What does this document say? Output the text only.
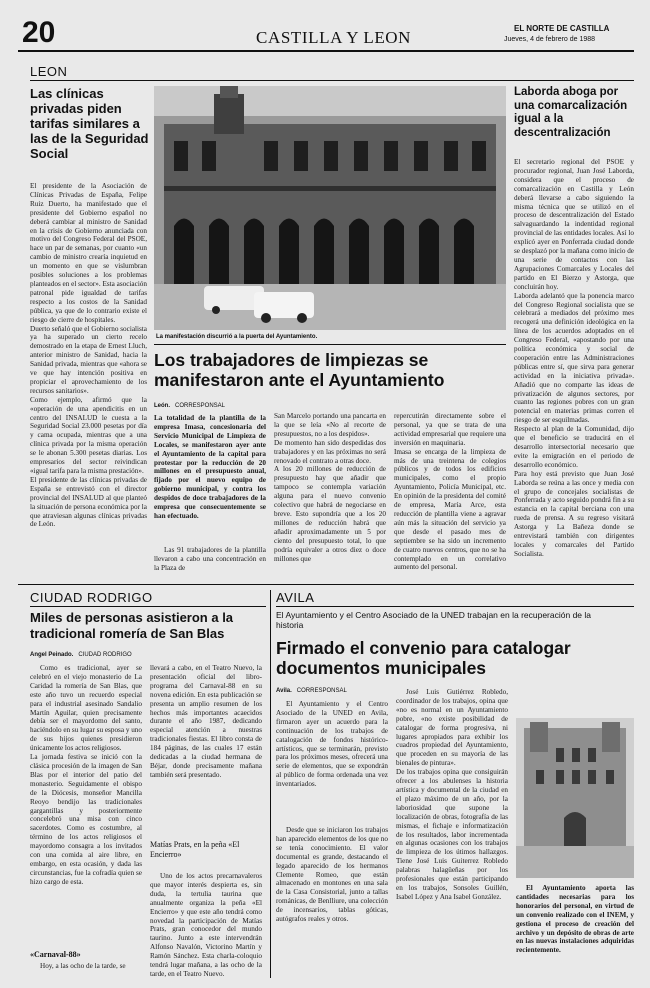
20	CASTILLA Y LEON	EL NORTE DE CASTILLA
Jueves, 4 de febrero de 1988
LEON
Las clínicas privadas piden tarifas similares a las de la Seguridad Social
El presidente de la Asociación de Clínicas Privadas de España, Felipe Ruiz Duerto, ha manifestado que el presidente del Gobierno español no deberá cambiar al ministro de Sanidad en la crisis de Gobierno anunciada con motivo del Congreso Federal del PSOE, hace un par de semanas, por cuanto «un cambio de ministro crearía inquietud en un momento en que se vislumbran posibles soluciones a los problemas planteados en el sector». Esta asociación patronal pide igualdad de tarifas respecto a los costos de la Sanidad pública, ya que de lo contrario existe el riesgo de cierre de hospitales.
Duerto señaló que el Gobierno socialista ya ha superado un cierto recelo demostrado en la etapa de Ernest Lluch, anterior ministro de Sanidad, hacia la Sanidad privada, mientras que «ahora se ve que hay intención positiva en propiciar el aprovechamiento de los recursos sanitarios».
Como ejemplo, afirmó que la «operación de una apendicitis en un centro del INSALUD le cuesta a la Seguridad Social 23.000 pesetas por día y cama ocupada, mientras que a una clínica privada por la misma operación se le abonan 5.300 pesetas diarias. Los empresarios del sector reivindican «igual tarifa para la misma prestación».
El presidente de las clínicas privadas de España se entrevistó con el director provincial del INSALUD al que planteó la situación de persona económica por la que atraviesan algunas clínicas privadas de León.
La manifestación discurrió a la puerta del Ayuntamiento.
Los trabajadores de limpiezas se manifestaron ante el Ayuntamiento
León. CORRESPONSAL
La totalidad de la plantilla de la empresa Imasa, concesionaria del Servicio Municipal de Limpieza de Locales, se manifestaron ayer ante el Ayuntamiento de la capital para protestar por la reducción de 20 millones en el presupuesto anual, fijado por el nuevo equipo de gobierno municipal, y contra los despidos de doce trabajadores de la empresa que consecuentemente se han efectuado.
Las 91 trabajadores de la plantilla llevaron a cabo una concentración en la Plaza de
San Marcelo portando una pancarta en la que se leía «No al recorte de presupuestos, no a los despidos».
De momento han sido despedidas dos trabajadores y en las próximas no será renovado el contrato a otras doce.
A los 20 millones de reducción de presupuesto hay que añadir que tampoco se contempla variación alguna para el nuevo convenio colectivo que habrá de negociarse en breve. Esto supondría que a los 20 millones de reducción habrá que añadir aproximadamente un 5 por ciento del presupuesto total, lo que podría equivaler a otros diez o doce millones que
repercutirán directamente sobre el personal, ya que se trata de una actividad empresarial que requiere una inversión en maquinaria.
Imasa se encarga de la limpieza de más de una treintena de colegios públicos y de todos los edificios municipales, como el propio Ayuntamiento, Policía Municipal, etc. En opinión de la presidenta del comité de empresa, María Arce, esta reducción de plantilla viene a agravar aún más la situación del servicio ya que desde el pasado mes de septiembre se ha sido un incremento de cuatro nuevos centros, que no se ha contemplado en un correlativo aumento del personal.
Laborda aboga por una comarcalización igual a la descentralización
El secretario regional del PSOE y procurador regional, Juan José Laborda, considera que el proceso de comarcalización en Castilla y León deberá llevarse a cabo siguiendo la misma técnica que se utilizó en el proceso de descentralización del Estado salvaguardando la indentidad regional provincial de las entidades locales. Así lo explicó ayer en Ponferrada ciudad donde se desplazó por la mañana como inicio de una serie de contactos con las Agrupaciones Comarcales y Locales del partido en El Bierzo y Astorga, que concluirán hoy.
Laborda adelantó que la ponencia marco del Congreso Regional socialista que se celebrará a mediados del próximo mes recogerá una definición ideológica en la línea de los acuerdos adoptados en el Congreso Federal, «apostando por una política económica y social de cooperación entre las Administraciones públicas entre sí, que sirva para generar actividad en la iniciativa privada». Añadió que no comparte las ideas de privatización de algunos sectores, por cuanto las regiones pobres con un gran potencial en materias primas corren el riesgo de ser esquilmadas.
Respecto al plan de la Comunidad, dijo que el beneficio se traducirá en el desarrollo intersectorial necesario que evite la emigración en el periodo de desarrollo económico.
Para hoy está previsto que Juan José Laborda se reúna a las once y media con el grupo de concejales socialistas de Ponferrada y acto seguido pondrá fin a su estancia en la capital berciana con una rueda de prensa. A su regreso visitará Astorga y La Bañeza donde se entrevistará también con dirigentes locales y comarcales del Partido Socialista.
CIUDAD RODRIGO
Miles de personas asistieron a la tradicional romería de San Blas
Angel Peinado. CIUDAD RODRIGO
Como es tradicional, ayer se celebró en el viejo monasterio de La Caridad la romería de San Blas, que este año tuvo un recuerdo especial para el industrial asesinado Sandalio Martín Aguilar, quien precisamente debía ser el mayordomo del santo, haciéndolo en su lugar su esposa y uno de sus hijos quienes presidieron únicamente los actos religiosos.
La jornada festiva se inició con la clásica procesión de la imagen de San Blas por el interior del patio del monasterio. Seguidamente el obispo de la Diócesis, monseñor Mancilla Reoyo bendijo las tradicionales gargantillas y posteriormente concelebró una misa con cinco sacerdotes. Como es costumbre, al término de los actos religiosos el mayordomo consagra a los invitados con una comida al aire libre, en embargo, en esta ocasión, y dada las circunstancias, fue la cofradía quien se hizo cargo de esta.
«Carnaval-88»
Hoy, a las ocho de la tarde, se
llevará a cabo, en el Teatro Nuevo, la presentación oficial del libro-programa del Carnaval-88 en su novena edición. En esta publicación se presenta un amplio resumen de los hechos más importantes acaecidos durante el año 1987, dedicando especial atención a nuestras tradicionales fiestas. El libro consta de 184 páginas, de las cuales 17 están dedicadas a la ciudad hermana de Béjar, donde precisamente mañana también será presentado.
Matías Prats, en la peña «El Encierro»
Uno de los actos precarnavaleros que mayor interés despierta es, sin duda, la tertulia taurina que anualmente organiza la peña «El Encierro» y que este año tendrá como novedad la participación de Matías Prats, gran conocedor del mundo taurino. Junto a este intervendrán Alfonso Navalón, Victorino Martín y Ramón Sánchez. Esta charla-coloquio tendrá lugar mañana, a las ocho de la tarde, en el Teatro Nuevo.
AVILA
El Ayuntamiento y el Centro Asociado de la UNED trabajan en la recuperación de la historia
Firmado el convenio para catalogar documentos municipales
Avila. CORRESPONSAL
El Ayuntamiento y el Centro Asociado de la UNED en Avila, firmaron ayer un acuerdo para la continuación de los trabajos de catalogación de fondos histórico-artísticos, que se terminarán, previsto para los próximos meses, ofrecerá una serie de elementos, que se expondrán al público de forma ordenada una vez inventariados.
Desde que se iniciaron los trabajos han aparecido elementos de los que no se tenía conocimiento. El valor documental es grande, destacando el legado aparecido de los hermanos Clemente Romeo, que están almacenado en montones en una sala de la Casa Consistorial, junto a tallas románicas, de Benlliure, una colección de incensarios, tablas góticas, autógrafos reales y otros.
José Luis Gutiérrez Robledo, coordinador de los trabajos, opina que «no es normal en un Ayuntamiento pobre, «no existe posibilidad de catalogar de forma progresiva, ni lugares apropiados para exhibir los cuadros propiedad del Ayuntamiento, que proceden en su mayoría de las bienales de pintura».
De los trabajos opina que consiguirán ofrecer a los abulenses la historia artística y documental de la ciudad en el plazo máximo de un año, por la laboriosidad que supone la localización de obras, fotografía de las mismas, el fichaje e informatización de los resultados, labor incrementada en algunas ocasiones con los trabajos de limpieza de los útimos hallazgos. Tiene José Luis Guiterrez Robledo palabras halagüeñas por los profesionales que están participando en los trabajos, Sonsoles Guillén, Isabel López y Ana Isabel González.
El Ayuntamiento aporta las cantidades necesarias para los honorarios del personal, en virtud de un convenio realizado con el INEM, y gestiona el proceso de creación del archivo y un depósito de obras de arte en las nuevas instalaciones adquiridas recientemente.
